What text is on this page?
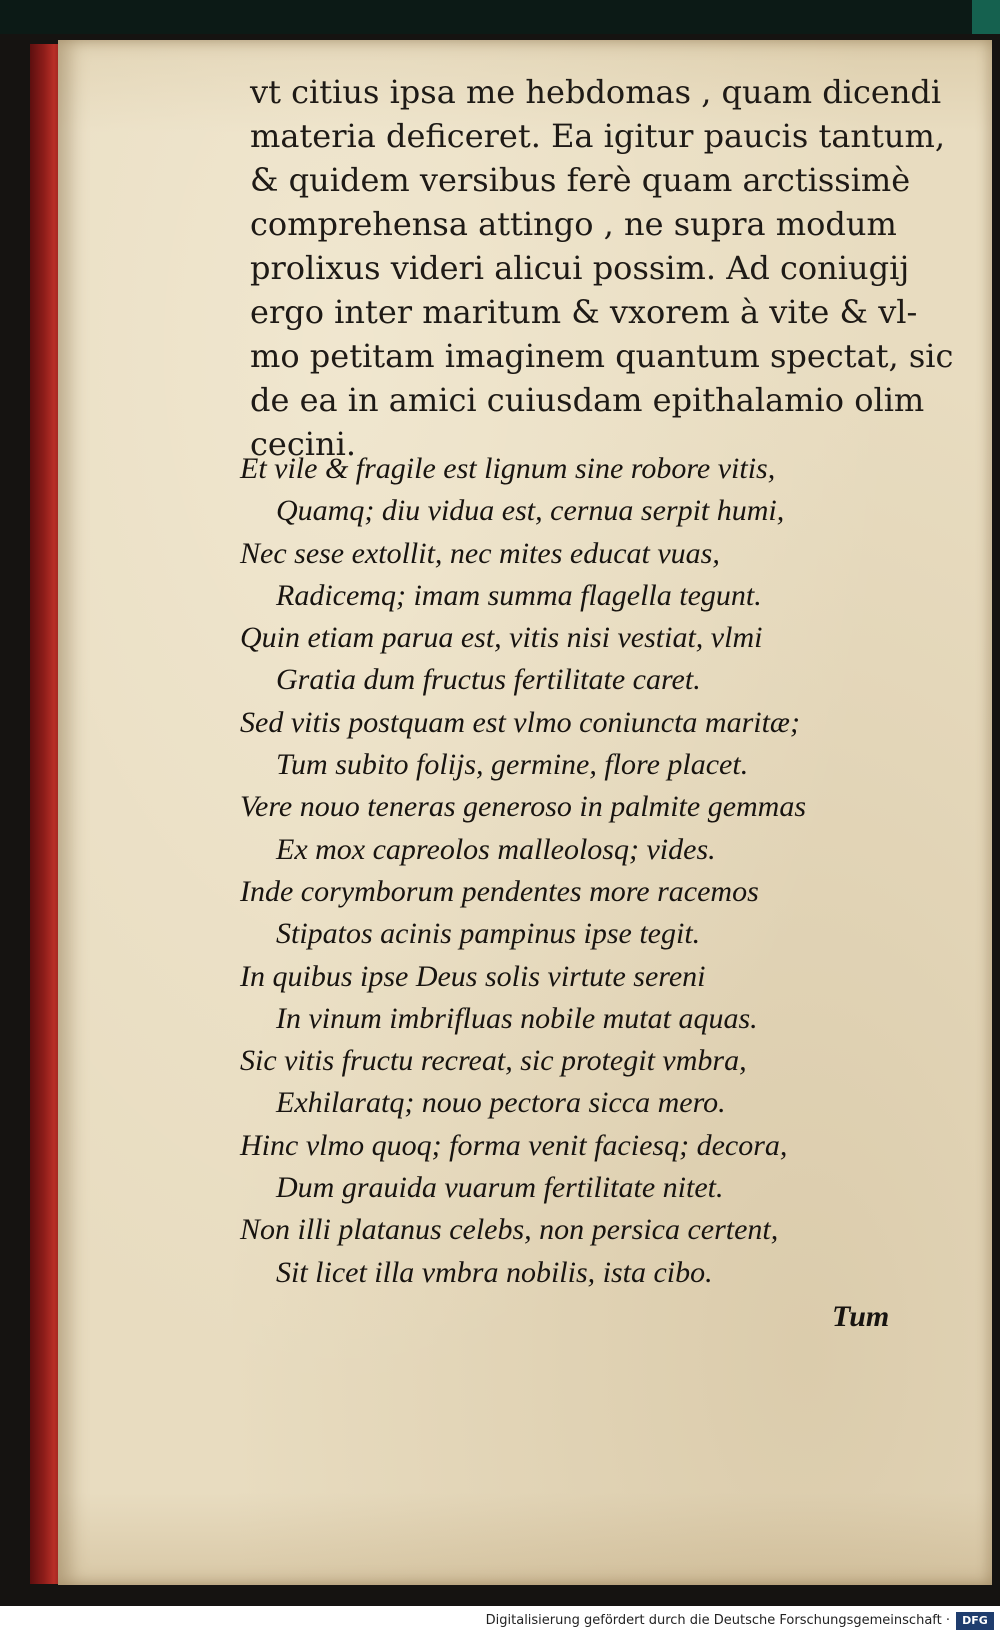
vt citius ipsa me hebdomas , quam dicendi
materia deficeret. Ea igitur paucis tantum,
& quidem versibus ferè quam arctissimè
comprehensa attingo , ne supra modum
prolixus videri alicui possim. Ad coniugij
ergo inter maritum & vxorem à vite & vl-
mo petitam imaginem quantum spectat, sic
de ea in amici cuiusdam epithalamio olim
cecini.
Et vile & fragile est lignum sine robore vitis,
Quamq; diu vidua est, cernua serpit humi,
Nec sese extollit, nec mites educat vuas,
Radicemq; imam summa flagella tegunt.
Quin etiam parua est, vitis nisi vestiat, vlmi
Gratia dum fructus fertilitate caret.
Sed vitis postquam est vlmo coniuncta maritæ;
Tum subito folijs, germine, flore placet.
Vere nouo teneras generoso in palmite gemmas
Ex mox capreolos malleolosq; vides.
Inde corymborum pendentes more racemos
Stipatos acinis pampinus ipse tegit.
In quibus ipse Deus solis virtute sereni
In vinum imbrifluas nobile mutat aquas.
Sic vitis fructu recreat, sic protegit vmbra,
Exhilaratq; nouo pectora sicca mero.
Hinc vlmo quoq; forma venit faciesq; decora,
Dum grauida vuarum fertilitate nitet.
Non illi platanus celebs, non persica certent,
Sit licet illa vmbra nobilis, ista cibo.
Tum
Digitalisierung gefördert durch die Deutsche Forschungsgemeinschaft ·	DFG
